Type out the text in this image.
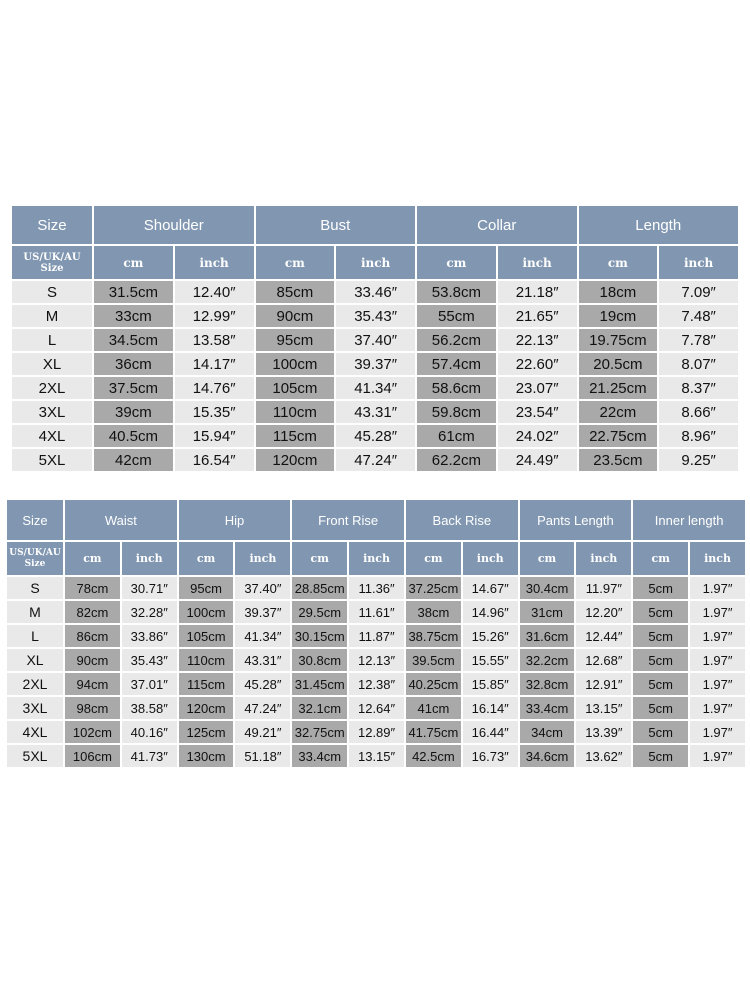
Size	Shoulder		Bust		Collar		Length	
US/UK/AU
Size	cm	inch	cm	inch	cm	inch	cm	inch
S	31.5cm	12.40″	85cm	33.46″	53.8cm	21.18″	18cm	7.09″
M	33cm	12.99″	90cm	35.43″	55cm	21.65″	19cm	7.48″
L	34.5cm	13.58″	95cm	37.40″	56.2cm	22.13″	19.75cm	7.78″
XL	36cm	14.17″	100cm	39.37″	57.4cm	22.60″	20.5cm	8.07″
2XL	37.5cm	14.76″	105cm	41.34″	58.6cm	23.07″	21.25cm	8.37″
3XL	39cm	15.35″	110cm	43.31″	59.8cm	23.54″	22cm	8.66″
4XL	40.5cm	15.94″	115cm	45.28″	61cm	24.02″	22.75cm	8.96″
5XL	42cm	16.54″	120cm	47.24″	62.2cm	24.49″	23.5cm	9.25″
Size	Waist		Hip		Front Rise		Back Rise		Pants Length		Inner length	
US/UK/AU
Size	cm	inch	cm	inch	cm	inch	cm	inch	cm	inch	cm	inch
S	78cm	30.71″	95cm	37.40″	28.85cm	11.36″	37.25cm	14.67″	30.4cm	11.97″	5cm	1.97″
M	82cm	32.28″	100cm	39.37″	29.5cm	11.61″	38cm	14.96″	31cm	12.20″	5cm	1.97″
L	86cm	33.86″	105cm	41.34″	30.15cm	11.87″	38.75cm	15.26″	31.6cm	12.44″	5cm	1.97″
XL	90cm	35.43″	110cm	43.31″	30.8cm	12.13″	39.5cm	15.55″	32.2cm	12.68″	5cm	1.97″
2XL	94cm	37.01″	115cm	45.28″	31.45cm	12.38″	40.25cm	15.85″	32.8cm	12.91″	5cm	1.97″
3XL	98cm	38.58″	120cm	47.24″	32.1cm	12.64″	41cm	16.14″	33.4cm	13.15″	5cm	1.97″
4XL	102cm	40.16″	125cm	49.21″	32.75cm	12.89″	41.75cm	16.44″	34cm	13.39″	5cm	1.97″
5XL	106cm	41.73″	130cm	51.18″	33.4cm	13.15″	42.5cm	16.73″	34.6cm	13.62″	5cm	1.97″
